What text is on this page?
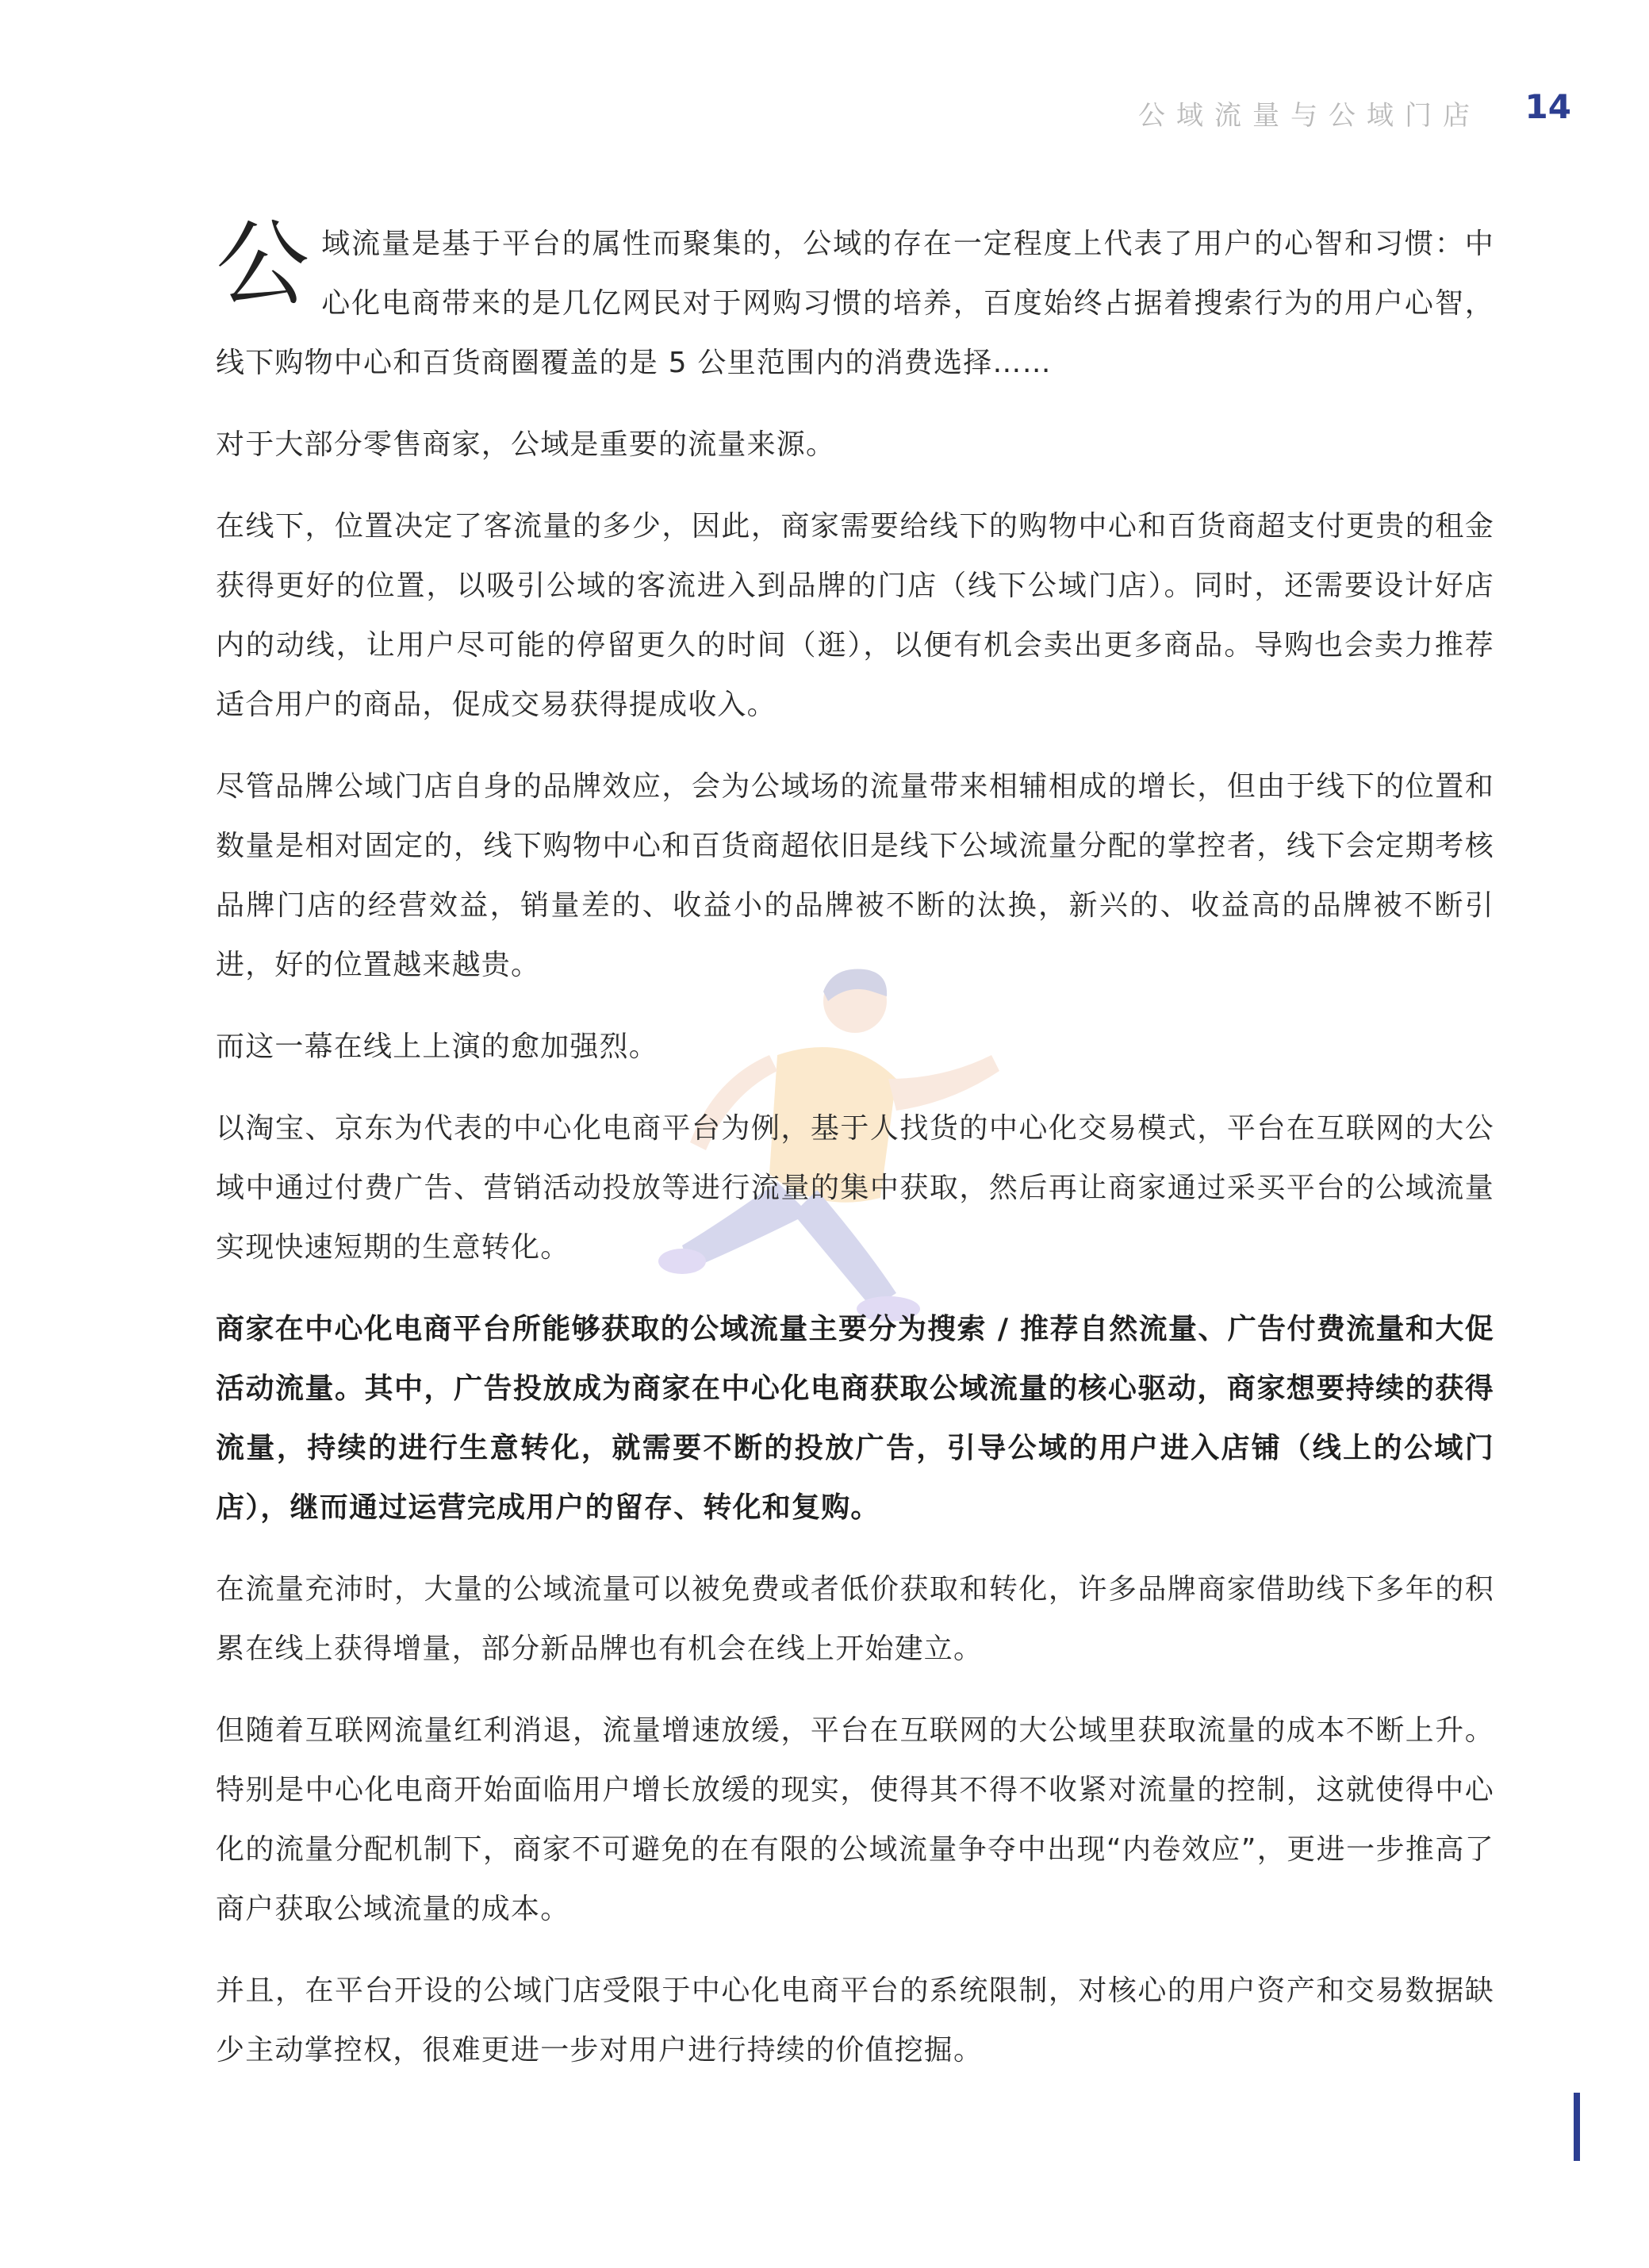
公域流量与公域门店 14

公域流量是基于平台的属性而聚集的，公域的存在一定程度上代表了用户的心智和习惯：中心化电商带来的是几亿网民对于网购习惯的培养，百度始终占据着搜索行为的用户心智，线下购物中心和百货商圈覆盖的是 5 公里范围内的消费选择……

对于大部分零售商家，公域是重要的流量来源。

在线下，位置决定了客流量的多少，因此，商家需要给线下的购物中心和百货商超支付更贵的租金获得更好的位置，以吸引公域的客流进入到品牌的门店（线下公域门店）。同时，还需要设计好店内的动线，让用户尽可能的停留更久的时间（逛），以便有机会卖出更多商品。导购也会卖力推荐适合用户的商品，促成交易获得提成收入。

尽管品牌公域门店自身的品牌效应，会为公域场的流量带来相辅相成的增长，但由于线下的位置和数量是相对固定的，线下购物中心和百货商超依旧是线下公域流量分配的掌控者，线下会定期考核品牌门店的经营效益，销量差的、收益小的品牌被不断的汰换，新兴的、收益高的品牌被不断引进，好的位置越来越贵。

而这一幕在线上上演的愈加强烈。

以淘宝、京东为代表的中心化电商平台为例，基于人找货的中心化交易模式，平台在互联网的大公域中通过付费广告、营销活动投放等进行流量的集中获取，然后再让商家通过采买平台的公域流量实现快速短期的生意转化。

商家在中心化电商平台所能够获取的公域流量主要分为搜索 / 推荐自然流量、广告付费流量和大促活动流量。其中，广告投放成为商家在中心化电商获取公域流量的核心驱动，商家想要持续的获得流量，持续的进行生意转化，就需要不断的投放广告，引导公域的用户进入店铺（线上的公域门店），继而通过运营完成用户的留存、转化和复购。

在流量充沛时，大量的公域流量可以被免费或者低价获取和转化，许多品牌商家借助线下多年的积累在线上获得增量，部分新品牌也有机会在线上开始建立。

但随着互联网流量红利消退，流量增速放缓，平台在互联网的大公域里获取流量的成本不断上升。特别是中心化电商开始面临用户增长放缓的现实，使得其不得不收紧对流量的控制，这就使得中心化的流量分配机制下，商家不可避免的在有限的公域流量争夺中出现“内卷效应”，更进一步推高了商户获取公域流量的成本。

并且，在平台开设的公域门店受限于中心化电商平台的系统限制，对核心的用户资产和交易数据缺少主动掌控权，很难更进一步对用户进行持续的价值挖掘。
